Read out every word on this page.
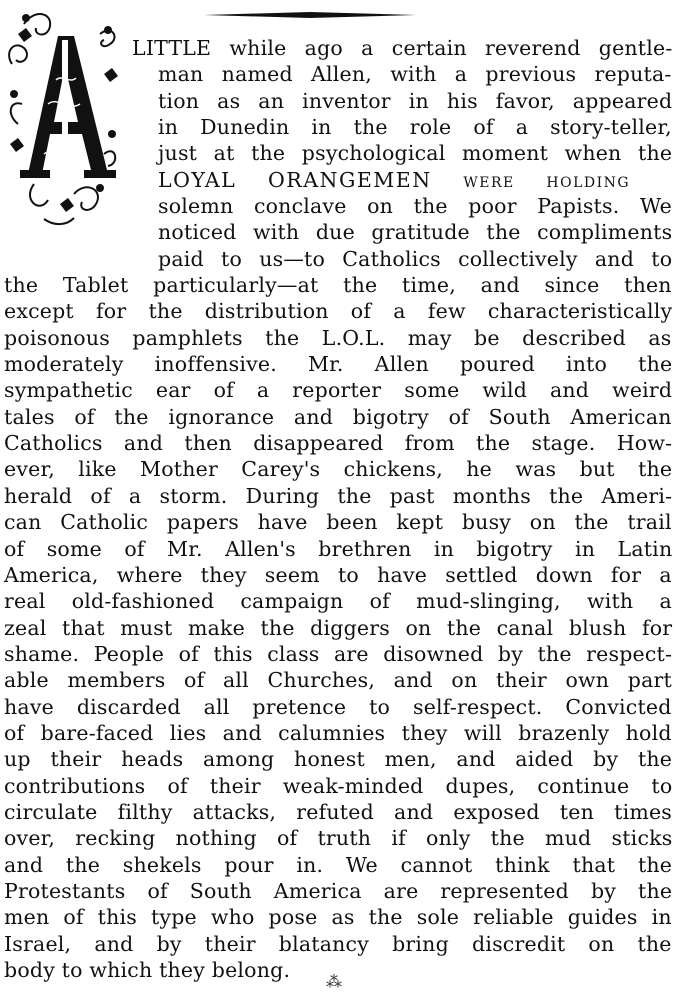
LITTLE while ago a certain reverend gentle-
man named Allen, with a previous reputa-
tion as an inventor in his favor, appeared
in Dunedin in the role of a story-teller,
just at the psychological moment when the
LOYAL ORANGEMEN were holding
solemn conclave on the poor Papists. We
noticed with due gratitude the compliments
paid to us—to Catholics collectively and to
the Tablet particularly—at the time, and since then
except for the distribution of a few characteristically
poisonous pamphlets the L.O.L. may be described as
moderately inoffensive. Mr. Allen poured into the
sympathetic ear of a reporter some wild and weird
tales of the ignorance and bigotry of South American
Catholics and then disappeared from the stage. How-
ever, like Mother Carey's chickens, he was but the
herald of a storm. During the past months the Ameri-
can Catholic papers have been kept busy on the trail
of some of Mr. Allen's brethren in bigotry in Latin
America, where they seem to have settled down for a
real old-fashioned campaign of mud-slinging, with a
zeal that must make the diggers on the canal blush for
shame. People of this class are disowned by the respect-
able members of all Churches, and on their own part
have discarded all pretence to self-respect. Convicted
of bare-faced lies and calumnies they will brazenly hold
up their heads among honest men, and aided by the
contributions of their weak-minded dupes, continue to
circulate filthy attacks, refuted and exposed ten times
over, recking nothing of truth if only the mud sticks
and the shekels pour in. We cannot think that the
Protestants of South America are represented by the
men of this type who pose as the sole reliable guides in
Israel, and by their blatancy bring discredit on the
body to which they belong. ⁂
